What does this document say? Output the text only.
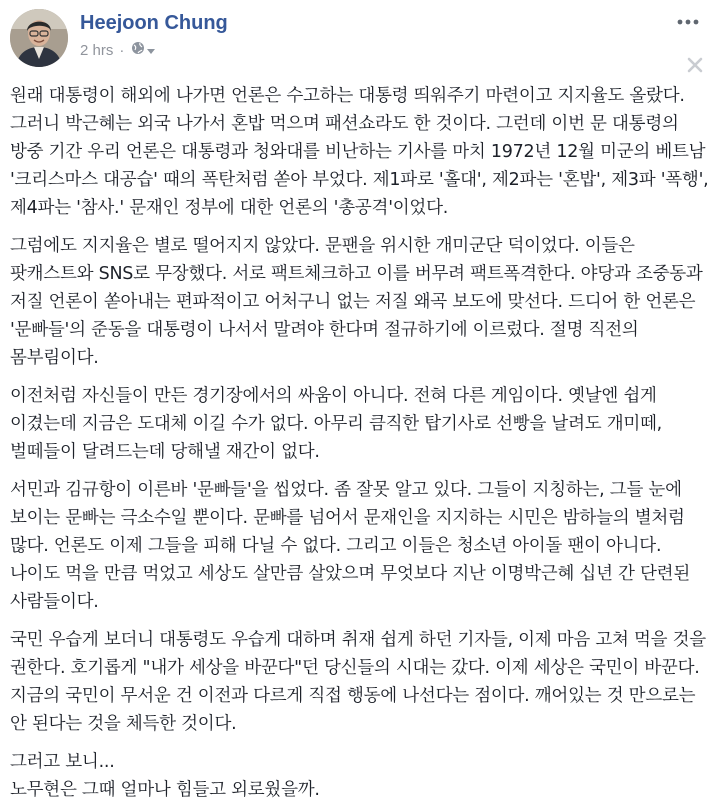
Heejoon Chung
2 hrs ·

원래 대통령이 해외에 나가면 언론은 수고하는 대통령 띄워주기 마련이고 지지율도 올랐다. 그러니 박근혜는 외국 나가서 혼밥 먹으며 패션쇼라도 한 것이다. 그런데 이번 문 대통령의 방중 기간 우리 언론은 대통령과 청와대를 비난하는 기사를 마치 1972년 12월 미군의 베트남 '크리스마스 대공습' 때의 폭탄처럼 쏟아 부었다. 제1파로 '홀대', 제2파는 '혼밥', 제3파 '폭행', 제4파는 '참사.' 문재인 정부에 대한 언론의 '총공격'이었다.

그럼에도 지지율은 별로 떨어지지 않았다. 문팬을 위시한 개미군단 덕이었다. 이들은 팟캐스트와 SNS로 무장했다. 서로 팩트체크하고 이를 버무려 팩트폭격한다. 야당과 조중동과 저질 언론이 쏟아내는 편파적이고 어처구니 없는 저질 왜곡 보도에 맞선다. 드디어 한 언론은 '문빠들'의 준동을 대통령이 나서서 말려야 한다며 절규하기에 이르렀다. 절명 직전의 몸부림이다.

이전처럼 자신들이 만든 경기장에서의 싸움이 아니다. 전혀 다른 게임이다. 옛날엔 쉽게 이겼는데 지금은 도대체 이길 수가 없다. 아무리 큼직한 탑기사로 선빵을 날려도 개미떼, 벌떼들이 달려드는데 당해낼 재간이 없다.

서민과 김규항이 이른바 '문빠들'을 씹었다. 좀 잘못 알고 있다. 그들이 지칭하는, 그들 눈에 보이는 문빠는 극소수일 뿐이다. 문빠를 넘어서 문재인을 지지하는 시민은 밤하늘의 별처럼 많다. 언론도 이제 그들을 피해 다닐 수 없다. 그리고 이들은 청소년 아이돌 팬이 아니다. 나이도 먹을 만큼 먹었고 세상도 살만큼 살았으며 무엇보다 지난 이명박근혜 십년 간 단련된 사람들이다.

국민 우습게 보더니 대통령도 우습게 대하며 취재 쉽게 하던 기자들, 이제 마음 고쳐 먹을 것을 권한다. 호기롭게 "내가 세상을 바꾼다"던 당신들의 시대는 갔다. 이제 세상은 국민이 바꾼다. 지금의 국민이 무서운 건 이전과 다르게 직접 행동에 나선다는 점이다. 깨어있는 것 만으로는 안 된다는 것을 체득한 것이다.

그러고 보니...
노무현은 그때 얼마나 힘들고 외로웠을까.
